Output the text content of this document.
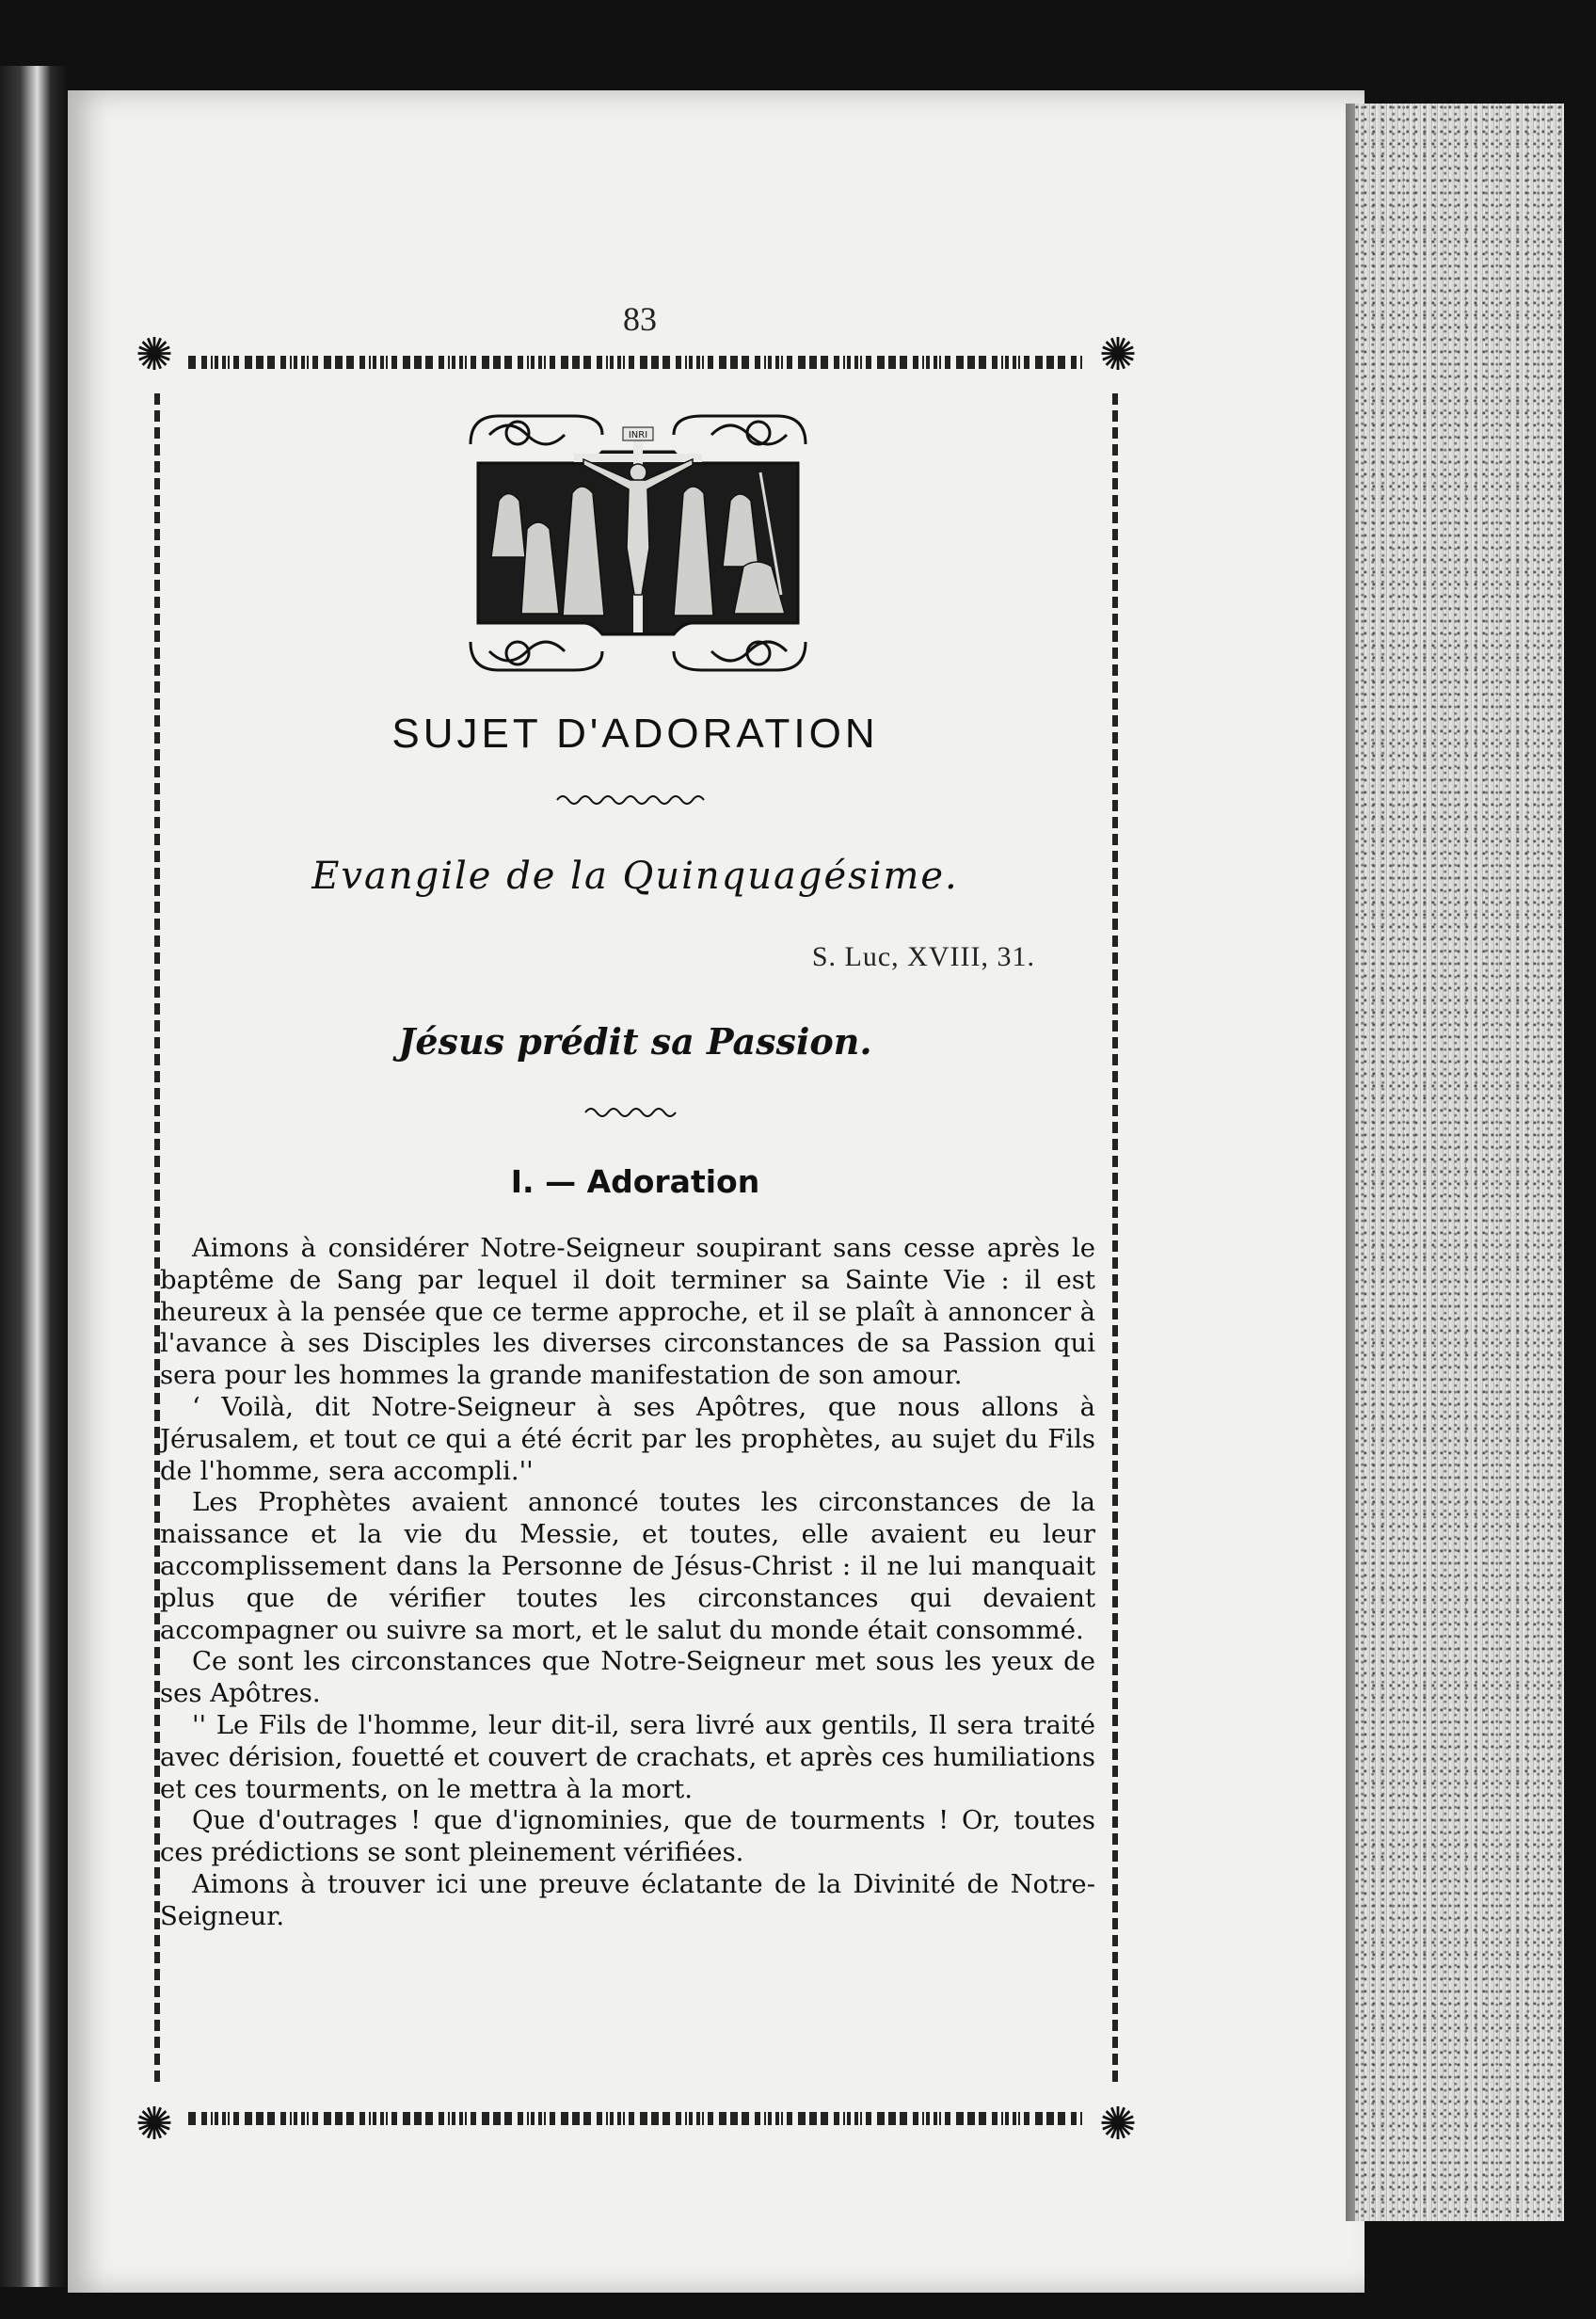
83
✺	✺
✺	✺
INRI
SUJET D'ADORATION
Evangile de la Quinquagésime.
S. Luc, XVIII, 31.
Jésus prédit sa Passion.
I. — Adoration

Aimons à considérer Notre-Seigneur soupirant sans cesse après le baptême de Sang par lequel il doit terminer sa Sainte Vie : il est heureux à la pensée que ce terme approche, et il se plaît à annoncer à l'avance à ses Disciples les diverses circonstances de sa Passion qui sera pour les hommes la grande manifestation de son amour.

‘ Voilà, dit Notre-Seigneur à ses Apôtres, que nous allons à Jérusalem, et tout ce qui a été écrit par les prophètes, au sujet du Fils de l'homme, sera accompli.''

Les Prophètes avaient annoncé toutes les circonstances de la naissance et la vie du Messie, et toutes, elle avaient eu leur accomplissement dans la Personne de Jésus-Christ : il ne lui manquait plus que de vérifier toutes les circonstances qui devaient accompagner ou suivre sa mort, et le salut du monde était consommé.

Ce sont les circonstances que Notre-Seigneur met sous les yeux de ses Apôtres.

'' Le Fils de l'homme, leur dit-il, sera livré aux gentils, Il sera traité avec dérision, fouetté et couvert de crachats, et après ces humiliations et ces tourments, on le mettra à la mort.

Que d'outrages ! que d'ignominies, que de tourments ! Or, toutes ces prédictions se sont pleinement vérifiées.

Aimons à trouver ici une preuve éclatante de la Divinité de Notre-Seigneur.
